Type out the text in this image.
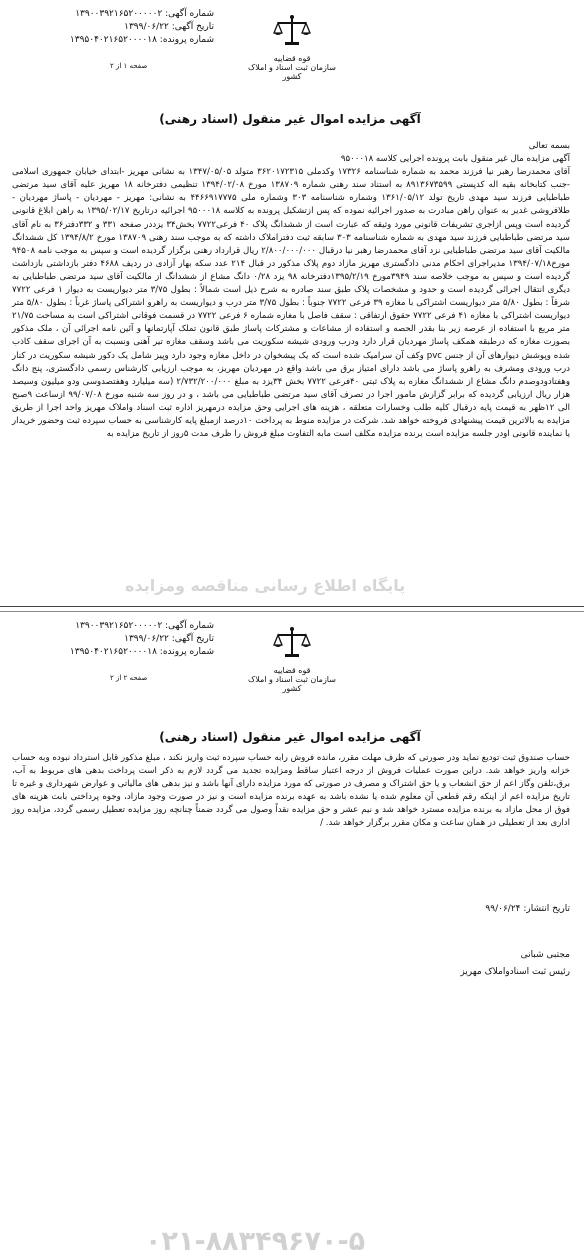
شماره آگهی: ۱۳۹۰۰۳۹۲۱۶۵۲۰۰۰۰۰۲
تاریخ آگهی: ۱۳۹۹/۰۶/۲۲
شماره پرونده: ۱۳۹۵۰۴۰۲۱۶۵۲۰۰۰۰۱۸
قوه قضاییه
سازمان ثبت اسناد و املاک کشور
صفحه ۱ از ۲
آگهی مزایده اموال غیر منقول (اسناد رهنی)

بسمه تعالی

آگهی مزایده مال غیر منقول بابت پرونده اجرایی کلاسه ۹۵۰۰۰۱۸

آقای محمدرضا رهبر نیا فرزند محمد به شماره شناسنامه ۱۷۳۲۶ وکدملی ۳۶۲۰۱۷۲۳۱۵ متولد ۱۳۴۷/۰۵/۰۵ به نشانی مهریز -ابتدای خیابان جمهوری اسلامی -جنب کتابخانه بقیه اله کدپستی ۸۹۱۳۶۷۳۵۹۹ به استناد سند رهنی شماره ۱۳۸۷۰۹ مورخ ۱۳۹۴/۰۲/۰۸ تنظیمی دفترخانه ۱۸ مهریز علیه آقای سید مرتضی طباطبایی فرزند سید مهدی تاریخ تولد ۱۳۶۱/۰۵/۱۲ وشماره شناسنامه ۳۰۳ وشماره ملی ۴۴۶۶۹۱۷۷۷۵ به نشانی: مهریز - مهردیان - پاساژ مهردیان - طلافروشی غدیر به عنوان راهن مبادرت به صدور اجرائیه نموده که پس ازتشکیل پرونده به کلاسه ۹۵۰۰۰۱۸ اجرائیه درتاریخ ۱۳۹۵/۰۲/۱۷ به راهن ابلاغ قانونی گردیده است وپس ازاجری تشریفات قانونی مورد وثیقه که عبارت است از ششدانگ پلاک ۴۰ فرعی۷۷۲۲ بخش۳۴ یزددر صفحه ۳۳۱ و ۳۳۲دفتر۳۶ به نام آقای سید مرتضی طباطبایی فرزند سید مهدی به شماره شناسنامه ۳۰۳ سابقه ثبت دفتراملاک داشته که به موجب سند رهنی ۱۳۸۷۰۹ مورخ ۱۳۹۴/۸/۲ کل ششدانگ مالکیت آقای سید مرتضی طباطبایی نزد آقای محمدرضا رهبر نیا درقبال ۲/۸۰۰/۰۰۰/۰۰۰ ریال قرارداد رهنی برگزار گردیده است و سپس به موجب نامه ۹۴۵۰۸ مورخ۱۳۹۴/۰۷/۱۸ مدیراجرای احکام مدنی دادگستری مهریز مازاد دوم پلاک مذکور در قبال ۲۱۴ عدد سکه بهار آزادی در ردیف ۴۶۸۸ دفتر بازداشتی بازداشت گردیده است و سپس به موجب خلاصه سند ۳۹۴۹مورخ ۱۳۹۵/۲/۱۹دفترخانه ۹۸ یزد ۰/۲۸ دانگ مشاع از ششدانگ از مالکیت آقای سید مرتضی طباطبایی به دیگری انتقال اجرائی گردیده است و حدود و مشخصات پلاک طبق سند صادره به شرح ذیل است شمالاً : بطول ۳/۷۵ متر دیواریست به دیوار ۱ فرعی ۷۷۲۲ شرقاً : بطول ۵/۸۰ متر دیواریست اشتراکی با مغازه ۳۹ فرعی ۷۷۲۲ جنوباً : بطول ۳/۷۵ متر درب و دیواریست به راهرو اشتراکی پاساژ غرباً : بطول ۵/۸۰ متر دیواریست اشتراکی با مغازه ۴۱ فرعی ۷۷۲۲ حقوق ارتفاقی : سقف فاصل با مغازه شماره ۶ فرعی ۷۷۲۲ در قسمت فوقانی اشتراکی است به مساحت ۲۱/۷۵ متر مربع با استفاده از عرصه زیر بنا بقدر الحصه و استفاده از مشاعات و مشترکات پاساژ طبق قانون تملک آپارتمانها و آئین نامه اجرائی آن ، ملک مذکور بصورت مغازه که درطبقه همکف پاساژ مهردیان قرار دارد ودرب ورودی شیشه سکوریت می باشد وسقف مغازه تیر آهنی ونسبت به آن اجرای سقف کاذب شده وپوشش دیوارهای آن از جنس pvc وکف آن سرامیک شده است که یک پیشخوان در داخل مغازه وجود دارد وپیز شامل یک دکور شیشه سکوریت در کنار درب ورودی ومشرف به راهرو پاساژ می باشد دارای امتیاز برق می باشد واقع در مهردیان مهریز، به موجب ارزیابی کارشناس رسمی دادگستری، پنج دانگ وهفتادودوصدم دانگ مشاع از ششدانگ مغازه به پلاک ثبتی ۴۰فرعی ۷۷۲۲ بخش ۳۴یزد به مبلغ ۲/۷۳۲/۲۰۰/۰۰۰ (سه میلیارد وهفتصدوسی ودو میلیون وسیصد هزار ریال ارزیابی گردیده که برابر گزارش مامور اجرا در تصرف آقای سید مرتضی طباطبایی می باشد ، و در روز سه شنبه مورخ ۹۹/۰۷/۰۸ ازساعت ۹صبح الی ۱۲ظهر به قیمت پایه درقبال کلیه طلب وخسارات متعلقه ، هزینه های اجرایی وحق مزایده درمهریز اداره ثبت اسناد واملاک مهریز واحد اجرا از طریق مزایده به بالاترین قیمت پیشنهادی فروخته خواهد شد. شرکت در مزایده منوط به پرداخت ۱۰درصد ازمبلغ پایه کارشناسی به حساب سپرده ثبت وحضور خریدار یا نماینده قانونی اودر جلسه مزایده است برنده مزایده مکلف است مابه التفاوت مبلغ فروش را ظرف مدت ۵روز از تاریخ مزایده به

پایگاه اطلاع رسانی مناقصه ومزایده
۰۲۱-۸۸۳۴۹۶۷۰-۵
شماره آگهی: ۱۳۹۰۰۳۹۲۱۶۵۲۰۰۰۰۰۲
تاریخ آگهی: ۱۳۹۹/۰۶/۲۲
شماره پرونده: ۱۳۹۵۰۴۰۲۱۶۵۲۰۰۰۰۱۸
قوه قضاییه
سازمان ثبت اسناد و املاک کشور
صفحه ۲ از ۲
آگهی مزایده اموال غیر منقول (اسناد رهنی)

حساب صندوق ثبت تودیع نماید ودر صورتی که ظرف مهلت مقرر، مانده فروش رابه حساب سپرده ثبت واریز نکند ، مبلغ مذکور قابل استرداد نبوده وبه حساب خزانه واریز خواهد شد. دراین صورت عملیات فروش از درجه اعتبار ساقط ومزایده تجدید می گردد لازم به ذکر است پرداخت بدهی های مربوط به آب، برق،تلفن وگاز اعم از حق انشعاب و یا حق اشتراک و مصرف در صورتی که مورد مزایده دارای آنها باشد و نیز بدهی های مالیاتی و عوارض شهرداری و غیره تا تاریخ مزایده اعم از اینکه رقم قطعی آن معلوم شده یا نشده باشد به عهده برنده مزایده است و نیز در صورت وجود مازاد، وجوه پرداختی بابت هزینه های فوق از محل مازاد به برنده مزایده مسترد خواهد شد و نیم عشر و حق مزایده نقداً وصول می گردد ضمناً چنانچه روز مزایده تعطیل رسمی گردد، مزایده روز اداری بعد از تعطیلی در همان ساعت و مکان مقرر برگزار خواهد شد. /

تاریخ انتشار: ۹۹/۰۶/۲۴
مجتبی شبانی
رئیس ثبت اسنادواملاک مهریز
